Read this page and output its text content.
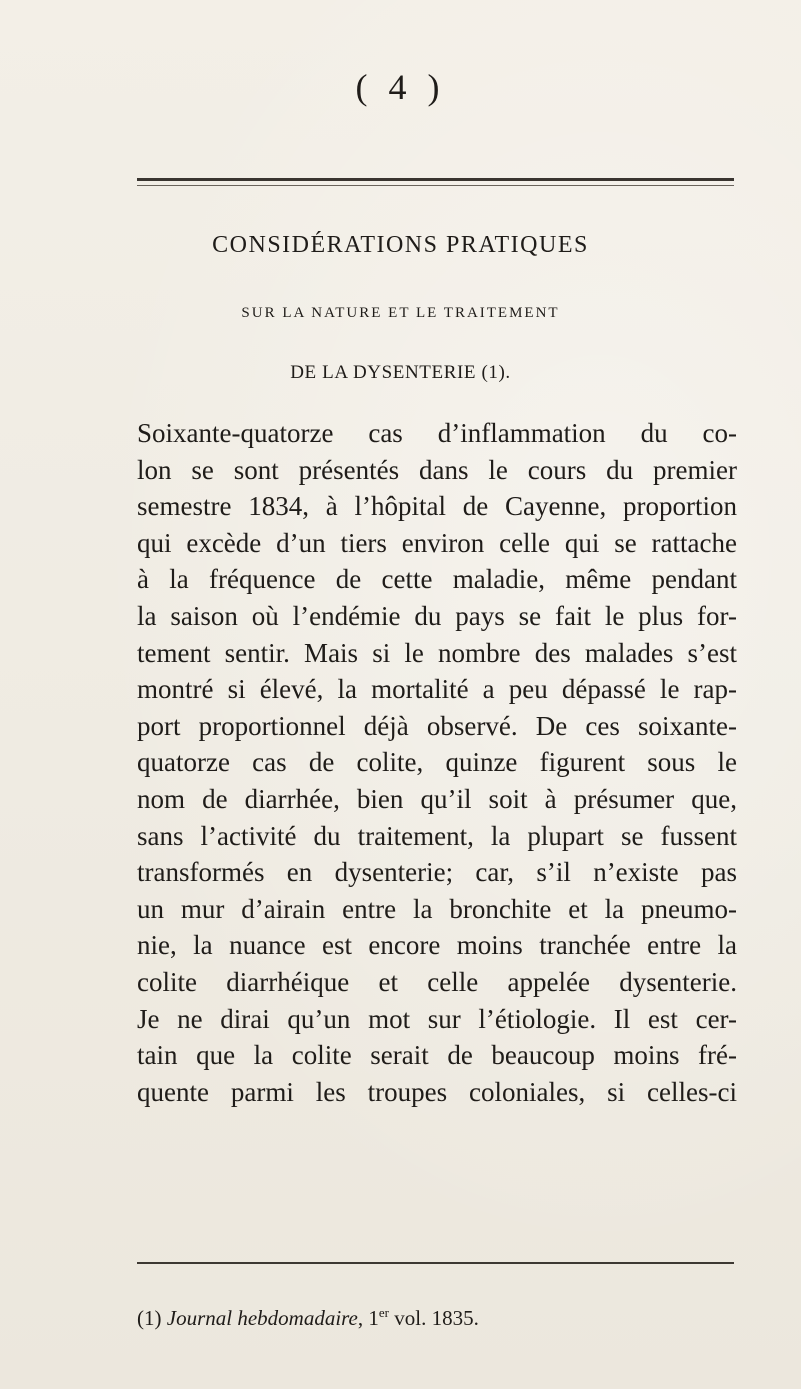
( 4 )
CONSIDÉRATIONS PRATIQUES
SUR LA NATURE ET LE TRAITEMENT
DE LA DYSENTERIE (1).
Soixante-quatorze cas d’inflammation du co-
lon se sont présentés dans le cours du premier
semestre 1834, à l’hôpital de Cayenne, proportion
qui excède d’un tiers environ celle qui se rattache
à la fréquence de cette maladie, même pendant
la saison où l’endémie du pays se fait le plus for-
tement sentir. Mais si le nombre des malades s’est
montré si élevé, la mortalité a peu dépassé le rap-
port proportionnel déjà observé. De ces soixante-
quatorze cas de colite, quinze figurent sous le
nom de diarrhée, bien qu’il soit à présumer que,
sans l’activité du traitement, la plupart se fussent
transformés en dysenterie; car, s’il n’existe pas
un mur d’airain entre la bronchite et la pneumo-
nie, la nuance est encore moins tranchée entre la
colite diarrhéique et celle appelée dysenterie.
Je ne dirai qu’un mot sur l’étiologie. Il est cer-
tain que la colite serait de beaucoup moins fré-
quente parmi les troupes coloniales, si celles-ci
(1) Journal hebdomadaire, 1er vol. 1835.
